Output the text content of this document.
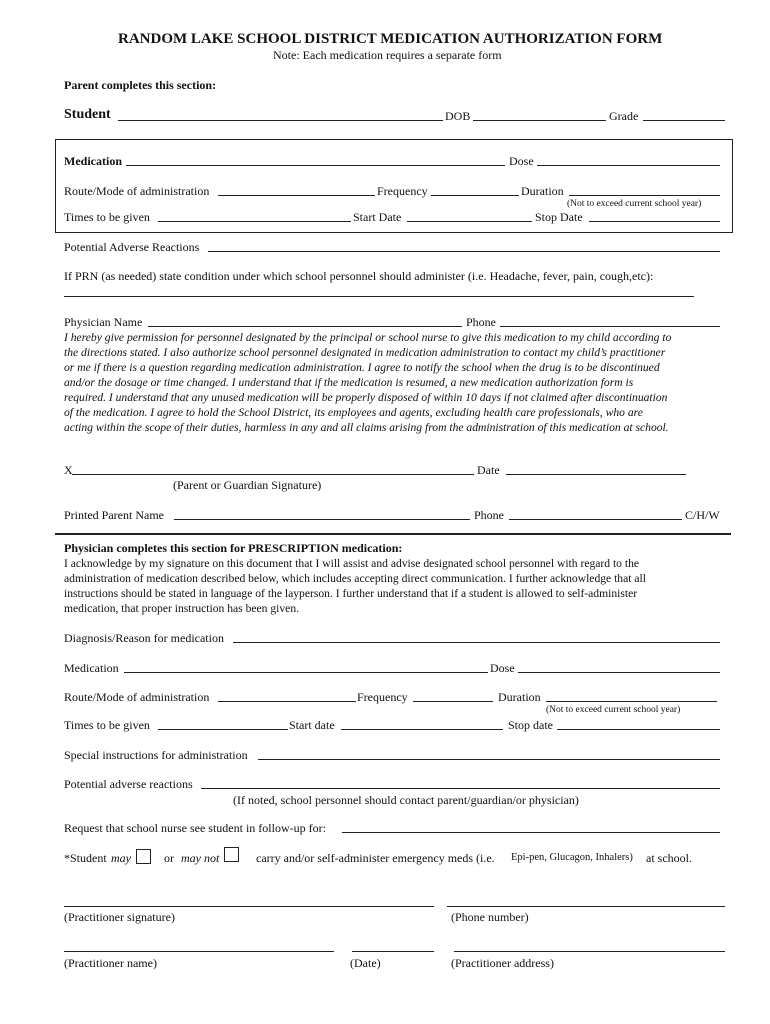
RANDOM LAKE SCHOOL DISTRICT MEDICATION AUTHORIZATION FORM
Note: Each medication requires a separate form
Parent completes this section:
Student	DOB	Grade
Medication	Dose
Route/Mode of administration	Frequency	Duration
(Not to exceed current school year)
Times to be given	Start Date	Stop Date
Potential Adverse Reactions
If PRN (as needed) state condition under which school personnel should administer (i.e. Headache, fever, pain, cough,etc):
Physician Name	Phone
I hereby give permission for personnel designated by the principal or school nurse to give this medication to my child according to
the directions stated. I also authorize school personnel designated in medication administration to contact my child’s practitioner
or me if there is a question regarding medication administration. I agree to notify the school when the drug is to be discontinued
and/or the dosage or time changed. I understand that if the medication is resumed, a new medication authorization form is
required. I understand that any unused medication will be properly disposed of within 10 days if not claimed after discontinuation
of the medication. I agree to hold the School District, its employees and agents, excluding health care professionals, who are
acting within the scope of their duties, harmless in any and all claims arising from the administration of this medication at school.
X	Date
(Parent or Guardian Signature)
Printed Parent Name	Phone	C/H/W
Physician completes this section for PRESCRIPTION medication:
I acknowledge by my signature on this document that I will assist and advise designated school personnel with regard to the
administration of medication described below, which includes accepting direct communication. I further acknowledge that all
instructions should be stated in language of the layperson. I further understand that if a student is allowed to self-administer
medication, that proper instruction has been given.
Diagnosis/Reason for medication
Medication	Dose
Route/Mode of administration	Frequency	Duration
(Not to exceed current school year)
Times to be given	Start date	Stop date
Special instructions for administration
Potential adverse reactions
(If noted, school personnel should contact parent/guardian/or physician)
Request that school nurse see student in follow-up for:
*Student may	or may not	carry and/or self-administer emergency meds (i.e. Epi-pen, Glucagon, Inhalers) at school.
(Practitioner signature)	(Phone number)
(Practitioner name)	(Date)	(Practitioner address)
